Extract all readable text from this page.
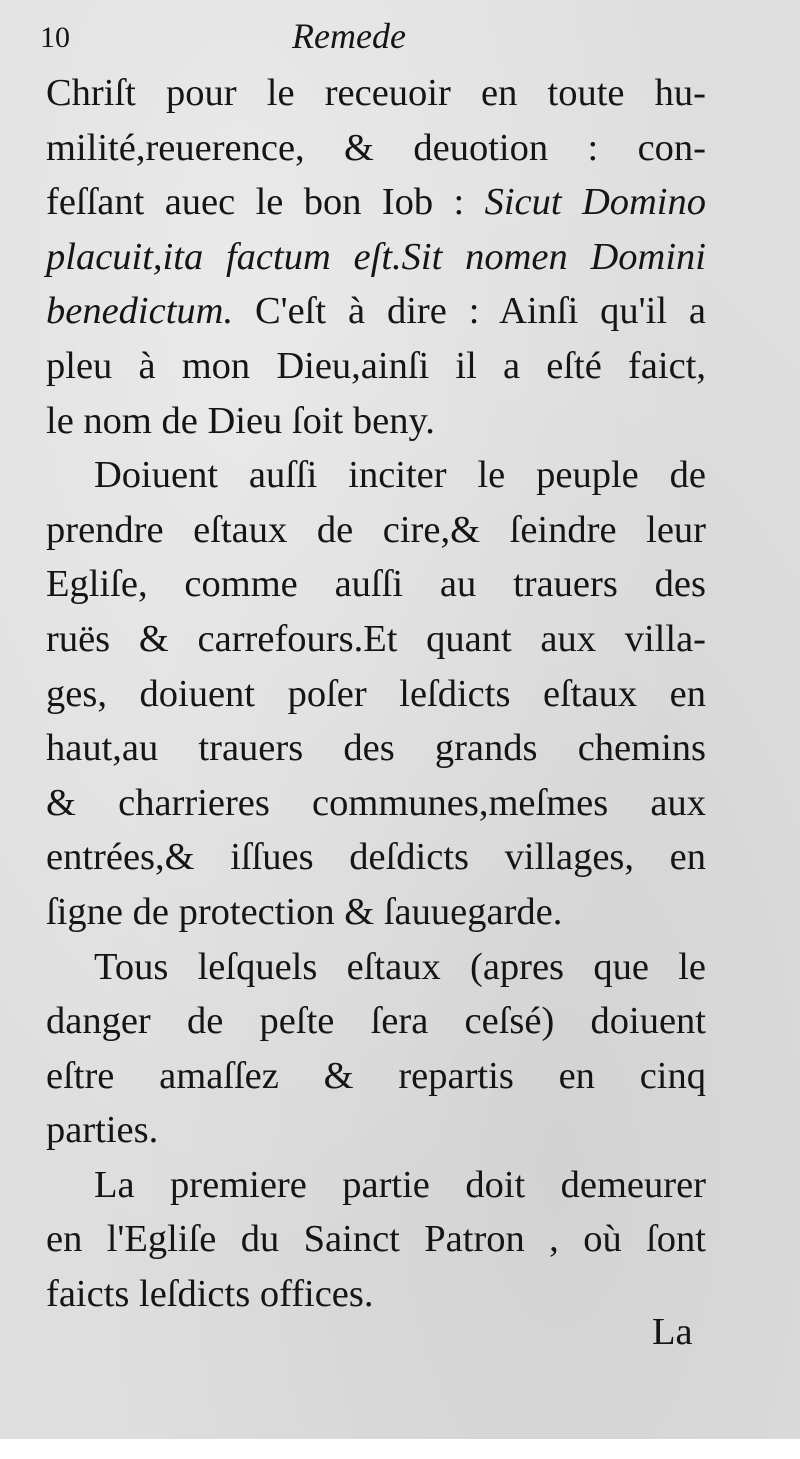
10	Remede
Chriſt pour le receuoir en toute hu-
milité,reuerence, & deuotion : con-
feſſant auec le bon Iob : Sicut Domino
placuit,ita factum eſt.Sit nomen Domini
benedictum. C'eſt à dire : Ainſi qu'il a
pleu à mon Dieu,ainſi il a eſté faict,
le nom de Dieu ſoit beny.
Doiuent auſſi inciter le peuple de
prendre eſtaux de cire,& ſeindre leur
Egliſe, comme auſſi au trauers des
ruës & carrefours.Et quant aux villa-
ges, doiuent poſer leſdicts eſtaux en
haut,au trauers des grands chemins
& charrieres communes,meſmes aux
entrées,& iſſues deſdicts villages, en
ſigne de protection & ſauuegarde.
Tous leſquels eſtaux (apres que le
danger de peſte ſera ceſsé) doiuent
eſtre amaſſez & repartis en cinq
parties.
La premiere partie doit demeurer
en l'Egliſe du Sainct Patron , où ſont
faicts leſdicts offices.
La
